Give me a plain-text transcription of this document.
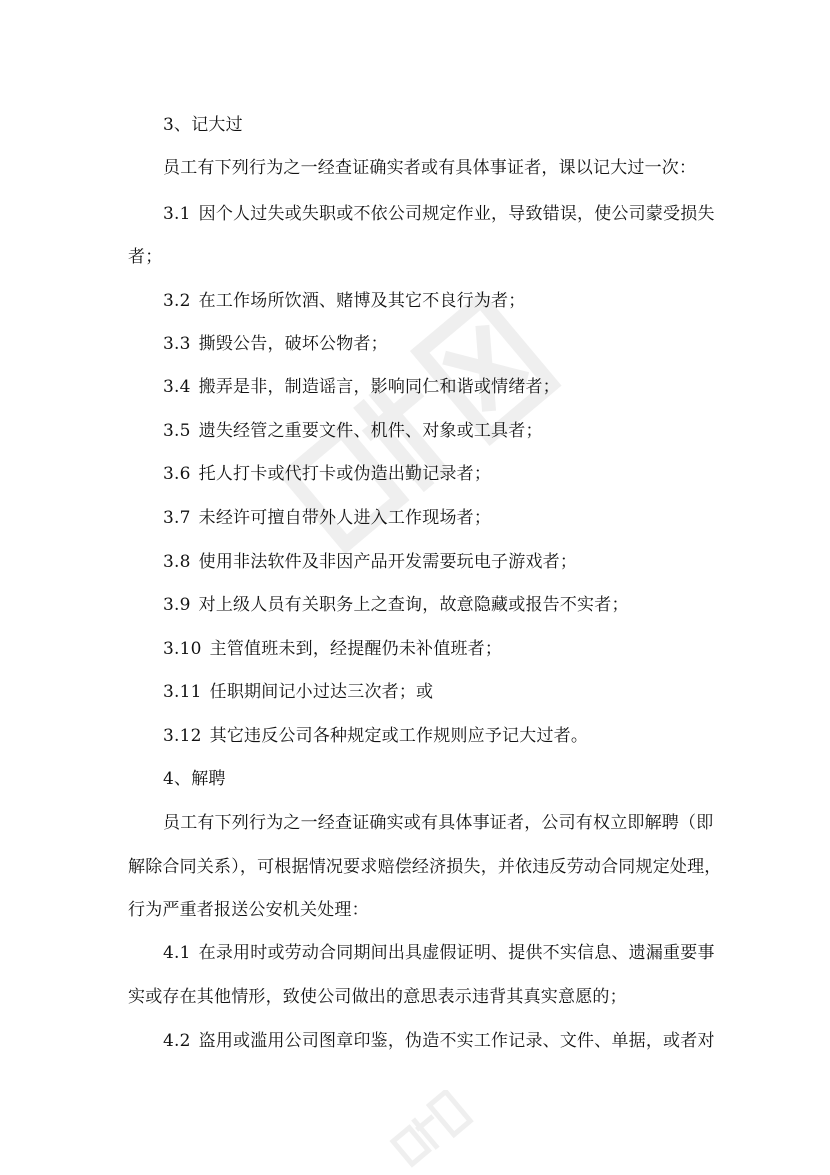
3、记大过
员工有下列行为之一经查证确实者或有具体事证者，课以记大过一次：
3.1 因个人过失或失职或不依公司规定作业，导致错误，使公司蒙受损失
者；
3.2 在工作场所饮酒、赌博及其它不良行为者；
3.3 撕毁公告，破坏公物者；
3.4 搬弄是非，制造谣言，影响同仁和谐或情绪者；
3.5 遗失经管之重要文件、机件、对象或工具者；
3.6 托人打卡或代打卡或伪造出勤记录者；
3.7 未经许可擅自带外人进入工作现场者；
3.8 使用非法软件及非因产品开发需要玩电子游戏者；
3.9 对上级人员有关职务上之查询，故意隐藏或报告不实者；
3.10 主管值班未到，经提醒仍未补值班者；
3.11 任职期间记小过达三次者；或
3.12 其它违反公司各种规定或工作规则应予记大过者。
4、解聘
员工有下列行为之一经查证确实或有具体事证者，公司有权立即解聘（即
解除合同关系），可根据情况要求赔偿经济损失，并依违反劳动合同规定处理，
行为严重者报送公安机关处理：
4.1 在录用时或劳动合同期间出具虚假证明、提供不实信息、遗漏重要事
实或存在其他情形，致使公司做出的意思表示违背其真实意愿的；
4.2 盗用或滥用公司图章印鉴，伪造不实工作记录、文件、单据，或者对
